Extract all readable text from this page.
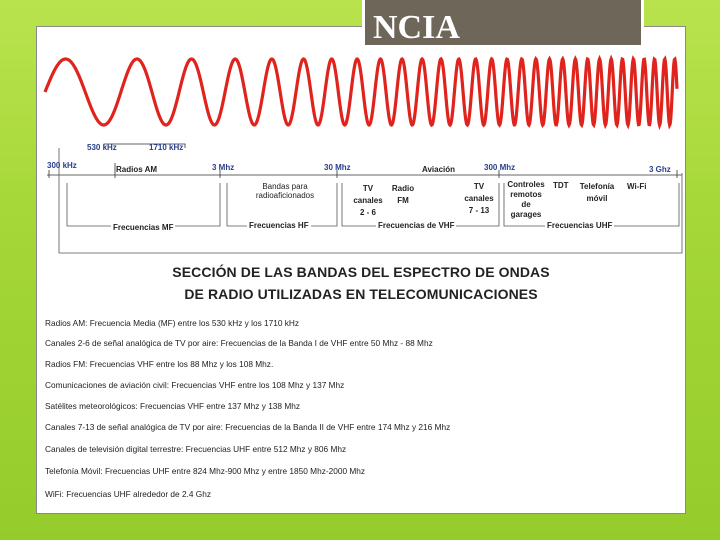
NCIA
530 kHz	1710 kHz
300 kHz	Radios AM	3 Mhz	30 Mhz	Aviación	300 Mhz	3 Ghz
Bandas para
radioaficionados
TV
canales
2 - 6
Radio
FM
TV
canales
7 - 13
Controles
remotos
de
garages
TDT	Telefonía
móvil
Wi-Fi
Frecuencias MF	Frecuencias HF	Frecuencias de VHF	Frecuencias UHF
SECCIÓN DE LAS BANDAS DEL ESPECTRO DE ONDAS
DE RADIO UTILIZADAS EN TELECOMUNICACIONES
Radios AM: Frecuencia Media (MF) entre los 530 kHz y los 1710 kHz
Canales 2-6 de señal analógica de TV por aire: Frecuencias de la Banda I de VHF entre 50 Mhz - 88 Mhz
Radios FM: Frecuencias VHF entre los 88 Mhz y los 108 Mhz.
Comunicaciones de aviación civil: Frecuencias VHF entre los 108 Mhz y 137 Mhz
Satélites meteorológicos: Frecuencias VHF entre 137 Mhz y 138 Mhz
Canales 7-13 de señal analógica de TV por aire: Frecuencias de la Banda II de VHF entre 174 Mhz y 216 Mhz
Canales de televisión digital terrestre: Frecuencias UHF entre 512 Mhz y 806 Mhz
Telefonía Móvil: Frecuencias UHF entre 824 Mhz-900 Mhz y entre 1850 Mhz-2000 Mhz
WiFi: Frecuencias UHF alrededor de 2.4 Ghz
